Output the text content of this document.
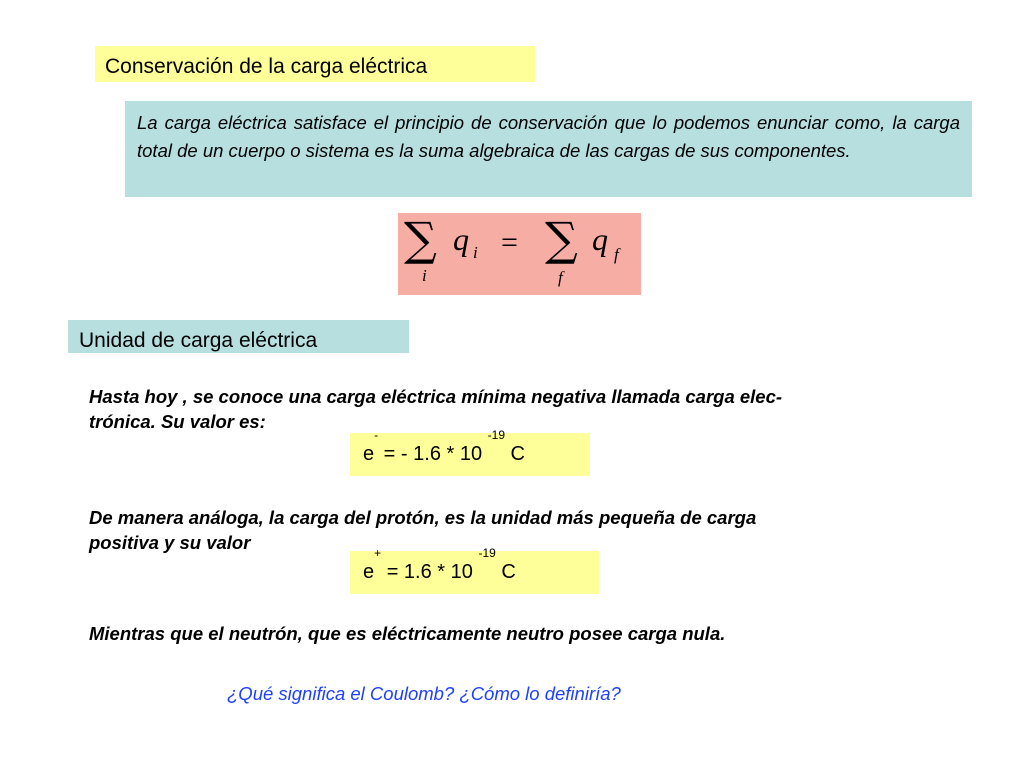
Conservación de la carga eléctrica
La carga eléctrica satisface el principio de conservación que lo podemos enunciar como, la carga total de un cuerpo o sistema es la suma algebraica de las cargas de sus componentes.
∑ q i
i
= ∑ q f
f
Unidad de carga eléctrica
Hasta hoy , se conoce una carga eléctrica mínima negativa llamada carga elec-
trónica. Su valor es:
e- = - 1.6 * 10 $^{-19}$ C
De manera análoga, la carga del protón, es la unidad más pequeña de carga
positiva y su valor
e+ = 1.6 * 10 $^{-19}$ C
Mientras que el neutrón, que es eléctricamente neutro posee carga nula.
¿Qué significa el Coulomb? ¿Cómo lo definiría?
